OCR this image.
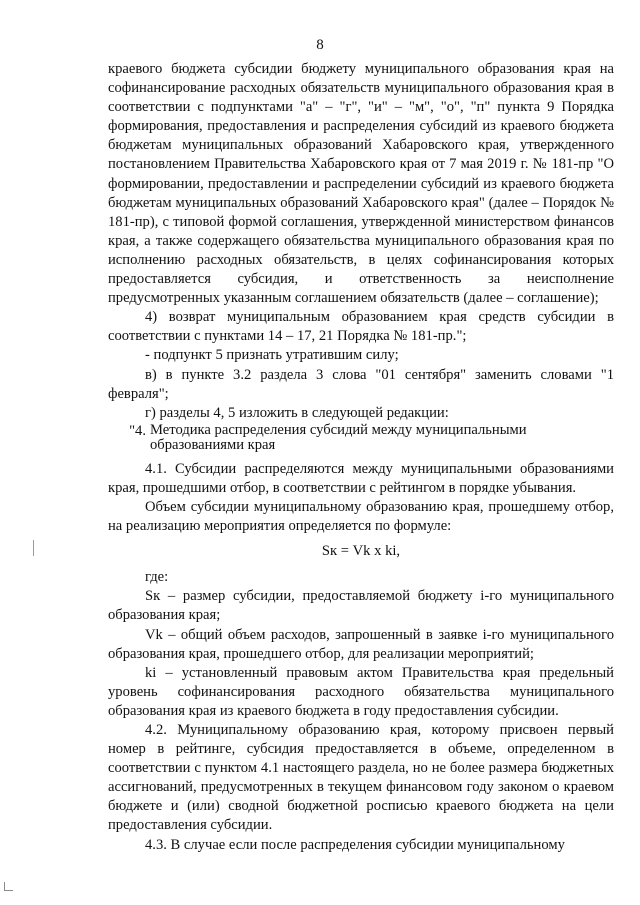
8

краевого бюджета субсидии бюджету муниципального образования края на софинансирование расходных обязательств муниципального образования края в соответствии с подпунктами "а" – "г", "и" – "м", "о", "п" пункта 9 Порядка формирования, предоставления и распределения субсидий из краевого бюджета бюджетам муниципальных образований Хабаровского края, утвержденного постановлением Правительства Хабаровского края от 7 мая 2019 г. № 181-пр "О формировании, предоставлении и распределении субсидий из краевого бюджета бюджетам муниципальных образований Хабаровского края" (далее – Порядок № 181-пр), с типовой формой соглашения, утвержденной министерством финансов края, а также содержащего обязательства муниципального образования края по исполнению расходных обязательств, в целях софинансирования которых предоставляется субсидия, и ответственность за неисполнение предусмотренных указанным соглашением обязательств (далее – соглашение);

4) возврат муниципальным образованием края средств субсидии в соответствии с пунктами 14 – 17, 21 Порядка № 181-пр.";

- подпункт 5 признать утратившим силу;

в) в пункте 3.2 раздела 3 слова "01 сентября" заменить словами "1 февраля";

г) разделы 4, 5 изложить в следующей редакции:

"4. Методика распределения субсидий между муниципальными
образованиями края

4.1. Субсидии распределяются между муниципальными образованиями края, прошедшими отбор, в соответствии с рейтингом в порядке убывания.

Объем субсидии муниципальному образованию края, прошедшему отбор, на реализацию мероприятия определяется по формуле:

Sк = Vk x ki,

где:

Sк – размер субсидии, предоставляемой бюджету i-го муниципального образования края;

Vk – общий объем расходов, запрошенный в заявке i-го муниципального образования края, прошедшего отбор, для реализации мероприятий;

ki – установленный правовым актом Правительства края предельный уровень софинансирования расходного обязательства муниципального образования края из краевого бюджета в году предоставления субсидии.

4.2. Муниципальному образованию края, которому присвоен первый номер в рейтинге, субсидия предоставляется в объеме, определенном в соответствии с пунктом 4.1 настоящего раздела, но не более размера бюджетных ассигнований, предусмотренных в текущем финансовом году законом о краевом бюджете и (или) сводной бюджетной росписью краевого бюджета на цели предоставления субсидии.

4.3. В случае если после распределения субсидии муниципальному
